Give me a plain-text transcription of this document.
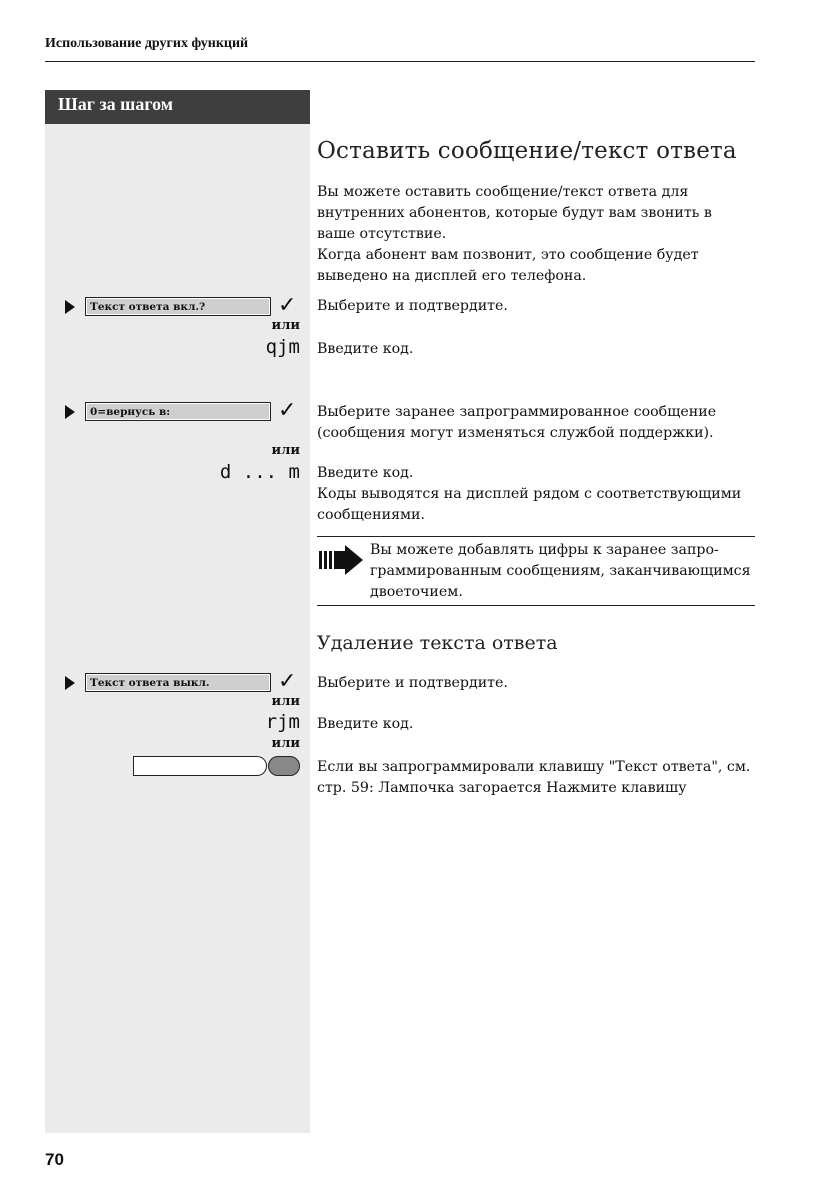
Использование других функций
Шаг за шагом
Оставить сообщение/текст ответа
Вы можете оставить сообщение/текст ответа для
внутренних абонентов, которые будут вам звонить в
ваше отсутствие.
Когда абонент вам позвонит, это сообщение будет
выведено на дисплей его телефона.
Текст ответа вкл.?	✓ Выберите и подтвердите.
или
qjm Введите код.
0=вернусь в:	✓ Выберите заранее запрограммированное сообщение
(сообщения могут изменяться службой поддержки).
или
d ... m Введите код.
Коды выводятся на дисплей рядом с соответствующими
сообщениями.
Вы можете добавлять цифры к заранее запро-
граммированным сообщениям, заканчивающимся
двоеточием.
Удаление текста ответа
Текст ответа выкл.	✓ Выберите и подтвердите.
или
rjm Введите код.
или
Если вы запрограммировали клавишу "Текст ответа", см.
стр. 59: Лампочка загорается Нажмите клавишу
70
